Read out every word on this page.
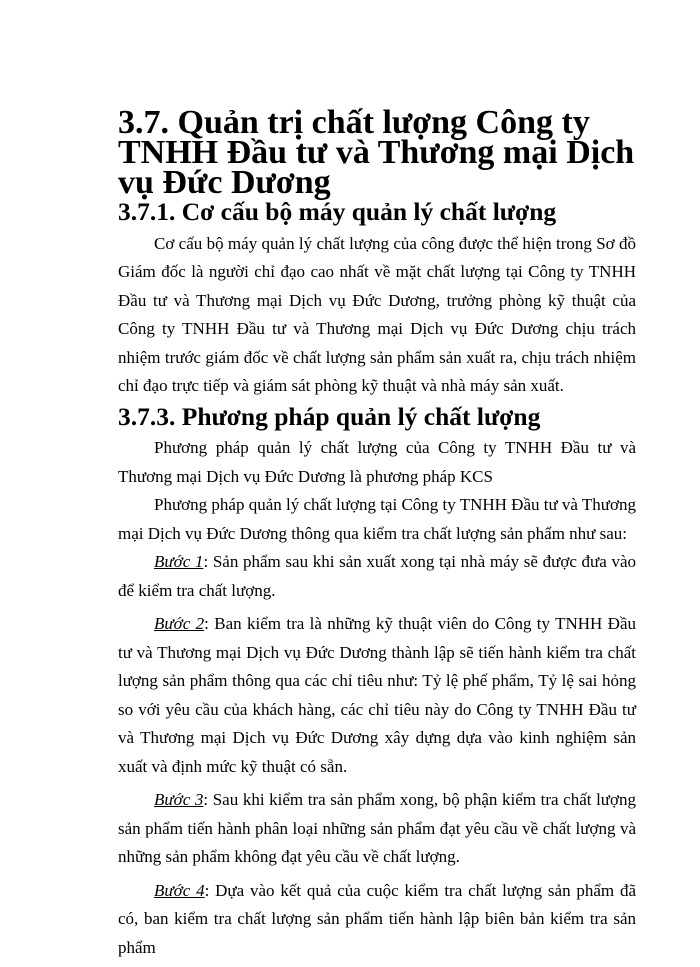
3.7. Quản trị chất lượng Công ty TNHH Đầu tư và Thương mại Dịch vụ Đức Dương
3.7.1. Cơ cấu bộ máy quản lý chất lượng

Cơ cấu bộ máy quản lý chất lượng của công được thể hiện trong Sơ đồ Giám đốc là người chỉ đạo cao nhất về mặt chất lượng tại Công ty TNHH Đầu tư và Thương mại Dịch vụ Đức Dương, trưởng phòng kỹ thuật của Công ty TNHH Đầu tư và Thương mại Dịch vụ Đức Dương chịu trách nhiệm trước giám đốc về chất lượng sản phẩm sản xuất ra, chịu trách nhiệm chỉ đạo trực tiếp và giám sát phòng kỹ thuật và nhà máy sản xuất.

3.7.3. Phương pháp quản lý chất lượng

Phương pháp quản lý chất lượng của Công ty TNHH Đầu tư và Thương mại Dịch vụ Đức Dương là phương pháp KCS

Phương pháp quản lý chất lượng tại Công ty TNHH Đầu tư và Thương mại Dịch vụ Đức Dương thông qua kiểm tra chất lượng sản phẩm như sau:

Bước 1: Sản phẩm sau khi sản xuất xong tại nhà máy sẽ được đưa vào để kiểm tra chất lượng.

Bước 2: Ban kiểm tra là những kỹ thuật viên do Công ty TNHH Đầu tư và Thương mại Dịch vụ Đức Dương thành lập sẽ tiến hành kiểm tra chất lượng sản phẩm thông qua các chỉ tiêu như: Tỷ lệ phế phẩm, Tỷ lệ sai hỏng so với yêu cầu của khách hàng, các chỉ tiêu này do Công ty TNHH Đầu tư và Thương mại Dịch vụ Đức Dương xây dựng dựa vào kinh nghiệm sản xuất và định mức kỹ thuật có sẵn.

Bước 3: Sau khi kiểm tra sản phẩm xong, bộ phận kiểm tra chất lượng sản phẩm tiến hành phân loại những sản phẩm đạt yêu cầu về chất lượng và những sản phẩm không đạt yêu cầu về chất lượng.

Bước 4: Dựa vào kết quả của cuộc kiểm tra chất lượng sản phẩm đã có, ban kiểm tra chất lượng sản phẩm tiến hành lập biên bản kiểm tra sản phẩm
